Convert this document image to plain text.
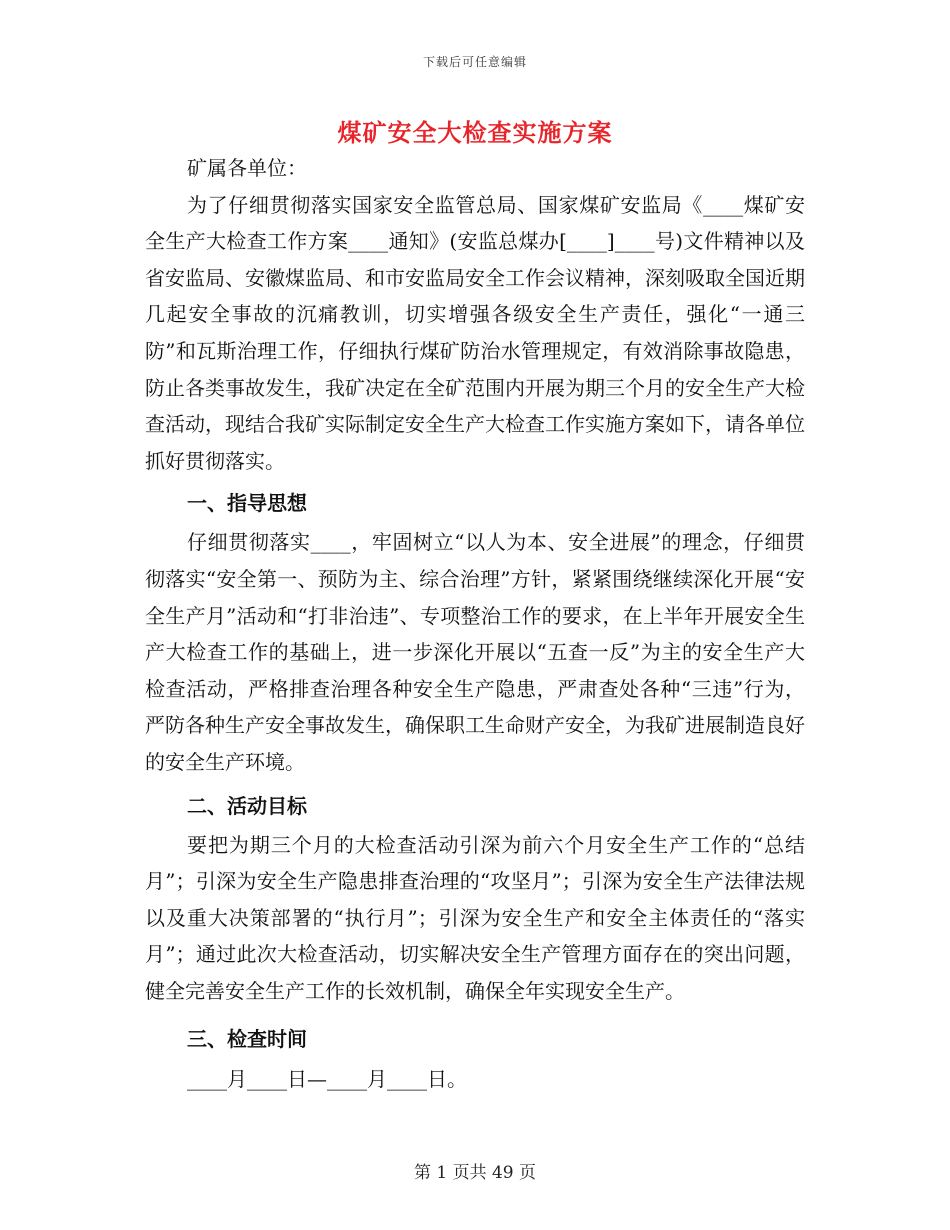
下载后可任意编辑
煤矿安全大检查实施方案

矿属各单位：

为了仔细贯彻落实国家安全监管总局、国家煤矿安监局《____煤矿安全生产大检查工作方案____通知》(安监总煤办[____]____号)文件精神以及省安监局、安徽煤监局、和市安监局安全工作会议精神，深刻吸取全国近期几起安全事故的沉痛教训，切实增强各级安全生产责任，强化“一通三防”和瓦斯治理工作，仔细执行煤矿防治水管理规定，有效消除事故隐患，防止各类事故发生，我矿决定在全矿范围内开展为期三个月的安全生产大检查活动，现结合我矿实际制定安全生产大检查工作实施方案如下，请各单位抓好贯彻落实。

一、指导思想

仔细贯彻落实____，牢固树立“以人为本、安全进展”的理念，仔细贯彻落实“安全第一、预防为主、综合治理”方针，紧紧围绕继续深化开展“安全生产月”活动和“打非治违”、专项整治工作的要求，在上半年开展安全生产大检查工作的基础上，进一步深化开展以“五查一反”为主的安全生产大检查活动，严格排查治理各种安全生产隐患，严肃查处各种“三违”行为，严防各种生产安全事故发生，确保职工生命财产安全，为我矿进展制造良好的安全生产环境。

二、活动目标

要把为期三个月的大检查活动引深为前六个月安全生产工作的“总结月”；引深为安全生产隐患排查治理的“攻坚月”；引深为安全生产法律法规以及重大决策部署的“执行月”；引深为安全生产和安全主体责任的“落实月”；通过此次大检查活动，切实解决安全生产管理方面存在的突出问题，健全完善安全生产工作的长效机制，确保全年实现安全生产。

三、检查时间

____月____日—____月____日。

第 1 页共 49 页
